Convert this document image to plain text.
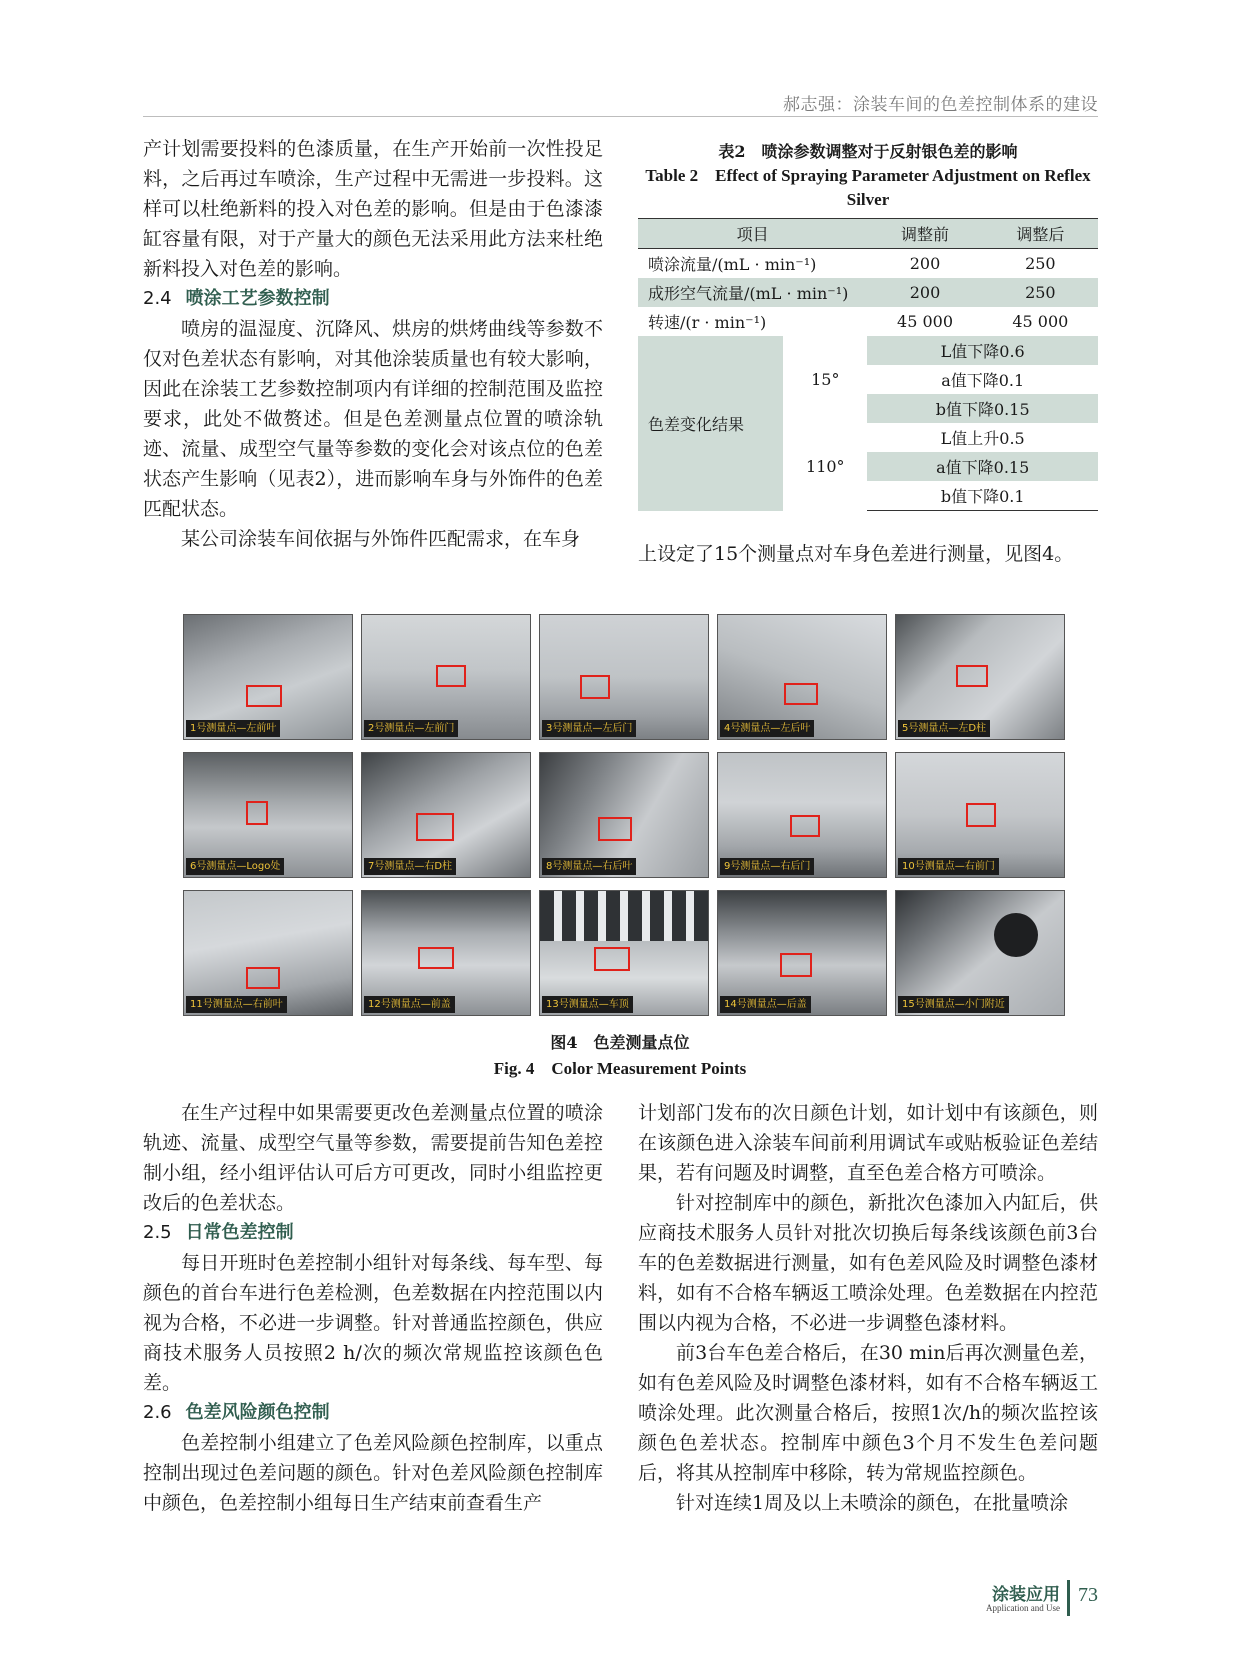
郝志强：涂装车间的色差控制体系的建设

产计划需要投料的色漆质量，在生产开始前一次性投足料，之后再过车喷涂，生产过程中无需进一步投料。这样可以杜绝新料的投入对色差的影响。但是由于色漆漆缸容量有限，对于产量大的颜色无法采用此方法来杜绝新料投入对色差的影响。

2.4 喷涂工艺参数控制

喷房的温湿度、沉降风、烘房的烘烤曲线等参数不仅对色差状态有影响，对其他涂装质量也有较大影响，因此在涂装工艺参数控制项内有详细的控制范围及监控要求，此处不做赘述。但是色差测量点位置的喷涂轨迹、流量、成型空气量等参数的变化会对该点位的色差状态产生影响（见表2），进而影响车身与外饰件的色差匹配状态。

某公司涂装车间依据与外饰件匹配需求，在车身

表2　喷涂参数调整对于反射银色差的影响
Table 2　Effect of Spraying Parameter Adjustment on Reflex Silver
项目		调整前	调整后
喷涂流量/(mL · min⁻¹)		200	250
成形空气流量/(mL · min⁻¹)		200	250
转速/(r · min⁻¹)		45 000	45 000
色差变化结果	15°	L值下降0.6	
		a值下降0.1	
		b值下降0.15	
	110°	L值上升0.5	
		a值下降0.15	
		b值下降0.1	

上设定了15个测量点对车身色差进行测量，见图4。

1号测量点—左前叶	2号测量点—左前门	3号测量点—左后门	4号测量点—左后叶	5号测量点—左D柱
6号测量点—Logo处	7号测量点—右D柱	8号测量点—右后叶	9号测量点—右后门	10号测量点—右前门
11号测量点—右前叶	12号测量点—前盖	13号测量点—车顶	14号测量点—后盖	15号测量点—小门附近
图4　色差测量点位
Fig. 4　Color Measurement Points

在生产过程中如果需要更改色差测量点位置的喷涂轨迹、流量、成型空气量等参数，需要提前告知色差控制小组，经小组评估认可后方可更改，同时小组监控更改后的色差状态。

2.5 日常色差控制

每日开班时色差控制小组针对每条线、每车型、每颜色的首台车进行色差检测，色差数据在内控范围以内视为合格，不必进一步调整。针对普通监控颜色，供应商技术服务人员按照2 h/次的频次常规监控该颜色色差。

2.6 色差风险颜色控制

色差控制小组建立了色差风险颜色控制库，以重点控制出现过色差问题的颜色。针对色差风险颜色控制库中颜色，色差控制小组每日生产结束前查看生产

计划部门发布的次日颜色计划，如计划中有该颜色，则在该颜色进入涂装车间前利用调试车或贴板验证色差结果，若有问题及时调整，直至色差合格方可喷涂。

针对控制库中的颜色，新批次色漆加入内缸后，供应商技术服务人员针对批次切换后每条线该颜色前3台车的色差数据进行测量，如有色差风险及时调整色漆材料，如有不合格车辆返工喷涂处理。色差数据在内控范围以内视为合格，不必进一步调整色漆材料。

前3台车色差合格后，在30 min后再次测量色差，如有色差风险及时调整色漆材料，如有不合格车辆返工喷涂处理。此次测量合格后，按照1次/h的频次监控该颜色色差状态。控制库中颜色3个月不发生色差问题后，将其从控制库中移除，转为常规监控颜色。

针对连续1周及以上未喷涂的颜色，在批量喷涂

涂装应用
Application and Use
73
